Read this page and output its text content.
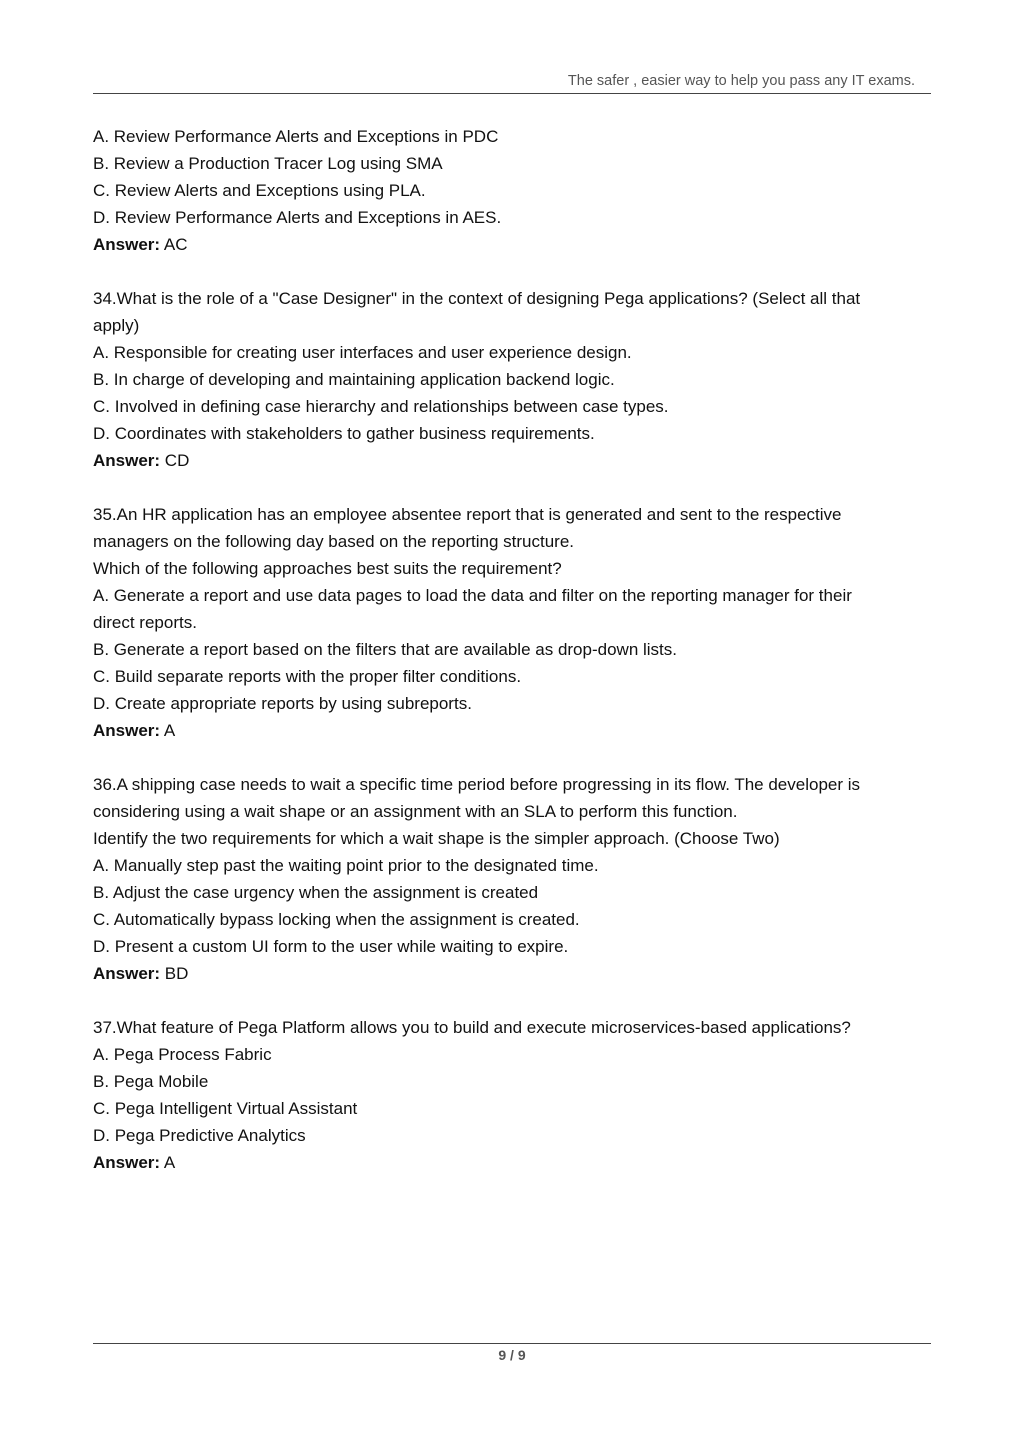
The safer , easier way to help you pass any IT exams.
A. Review Performance Alerts and Exceptions in PDC
B. Review a Production Tracer Log using SMA
C. Review Alerts and Exceptions using PLA.
D. Review Performance Alerts and Exceptions in AES.
Answer: AC
34.What is the role of a "Case Designer" in the context of designing Pega applications? (Select all that
apply)
A. Responsible for creating user interfaces and user experience design.
B. In charge of developing and maintaining application backend logic.
C. Involved in defining case hierarchy and relationships between case types.
D. Coordinates with stakeholders to gather business requirements.
Answer: CD
35.An HR application has an employee absentee report that is generated and sent to the respective
managers on the following day based on the reporting structure.
Which of the following approaches best suits the requirement?
A. Generate a report and use data pages to load the data and filter on the reporting manager for their
direct reports.
B. Generate a report based on the filters that are available as drop-down lists.
C. Build separate reports with the proper filter conditions.
D. Create appropriate reports by using subreports.
Answer: A
36.A shipping case needs to wait a specific time period before progressing in its flow. The developer is
considering using a wait shape or an assignment with an SLA to perform this function.
Identify the two requirements for which a wait shape is the simpler approach. (Choose Two)
A. Manually step past the waiting point prior to the designated time.
B. Adjust the case urgency when the assignment is created
C. Automatically bypass locking when the assignment is created.
D. Present a custom UI form to the user while waiting to expire.
Answer: BD
37.What feature of Pega Platform allows you to build and execute microservices-based applications?
A. Pega Process Fabric
B. Pega Mobile
C. Pega Intelligent Virtual Assistant
D. Pega Predictive Analytics
Answer: A
9 / 9
